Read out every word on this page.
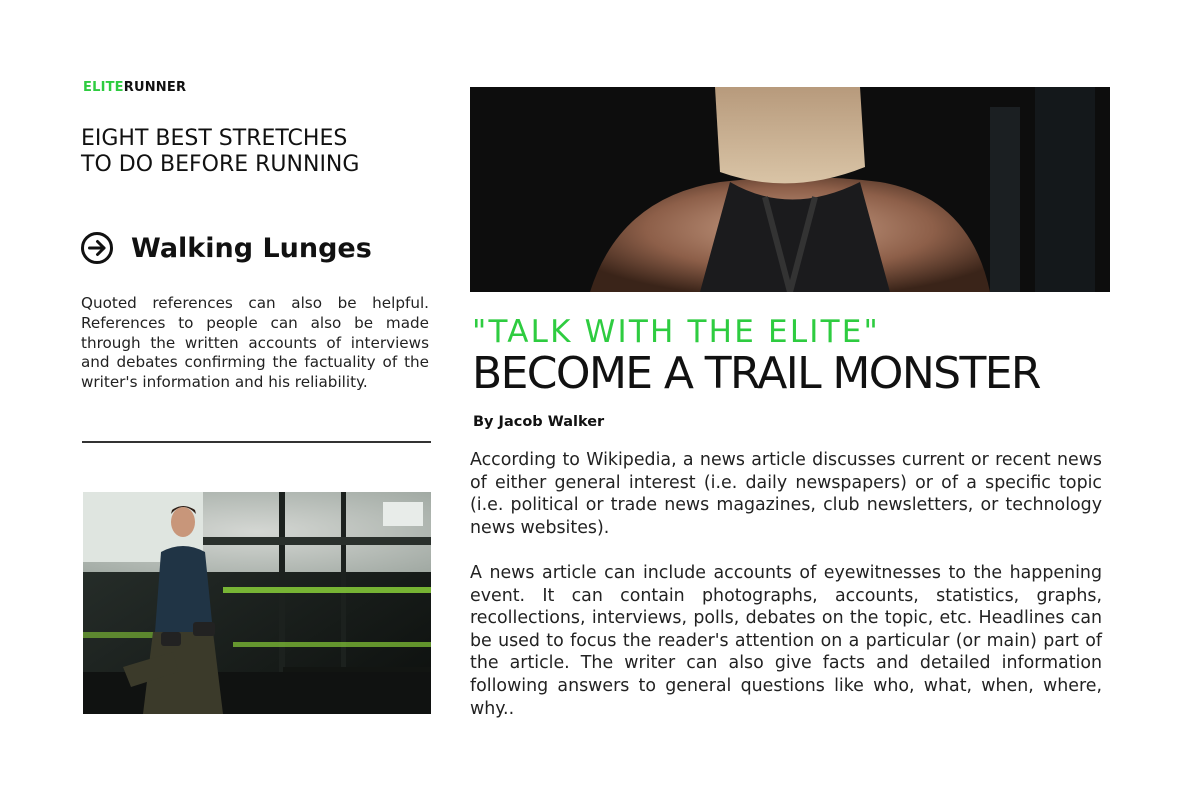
ELITERUNNER
EIGHT BEST STRETCHES TO DO BEFORE RUNNING
Walking Lunges

Quoted references can also be helpful. References to people can also be made through the written accounts of interviews and debates confirming the factuality of the writer's information and his reliability.

"TALK WITH THE ELITE"
BECOME A TRAIL MONSTER
By Jacob Walker

According to Wikipedia, a news article discusses current or recent news of either general interest (i.e. daily newspapers) or of a specific topic (i.e. political or trade news magazines, club newsletters, or technology news websites).

A news article can include accounts of eyewitnesses to the happening event. It can contain photographs, accounts, statistics, graphs, recollections, interviews, polls, debates on the topic, etc. Headlines can be used to focus the reader's attention on a particular (or main) part of the article. The writer can also give facts and detailed information following answers to general questions like who, what, when, where, why..
